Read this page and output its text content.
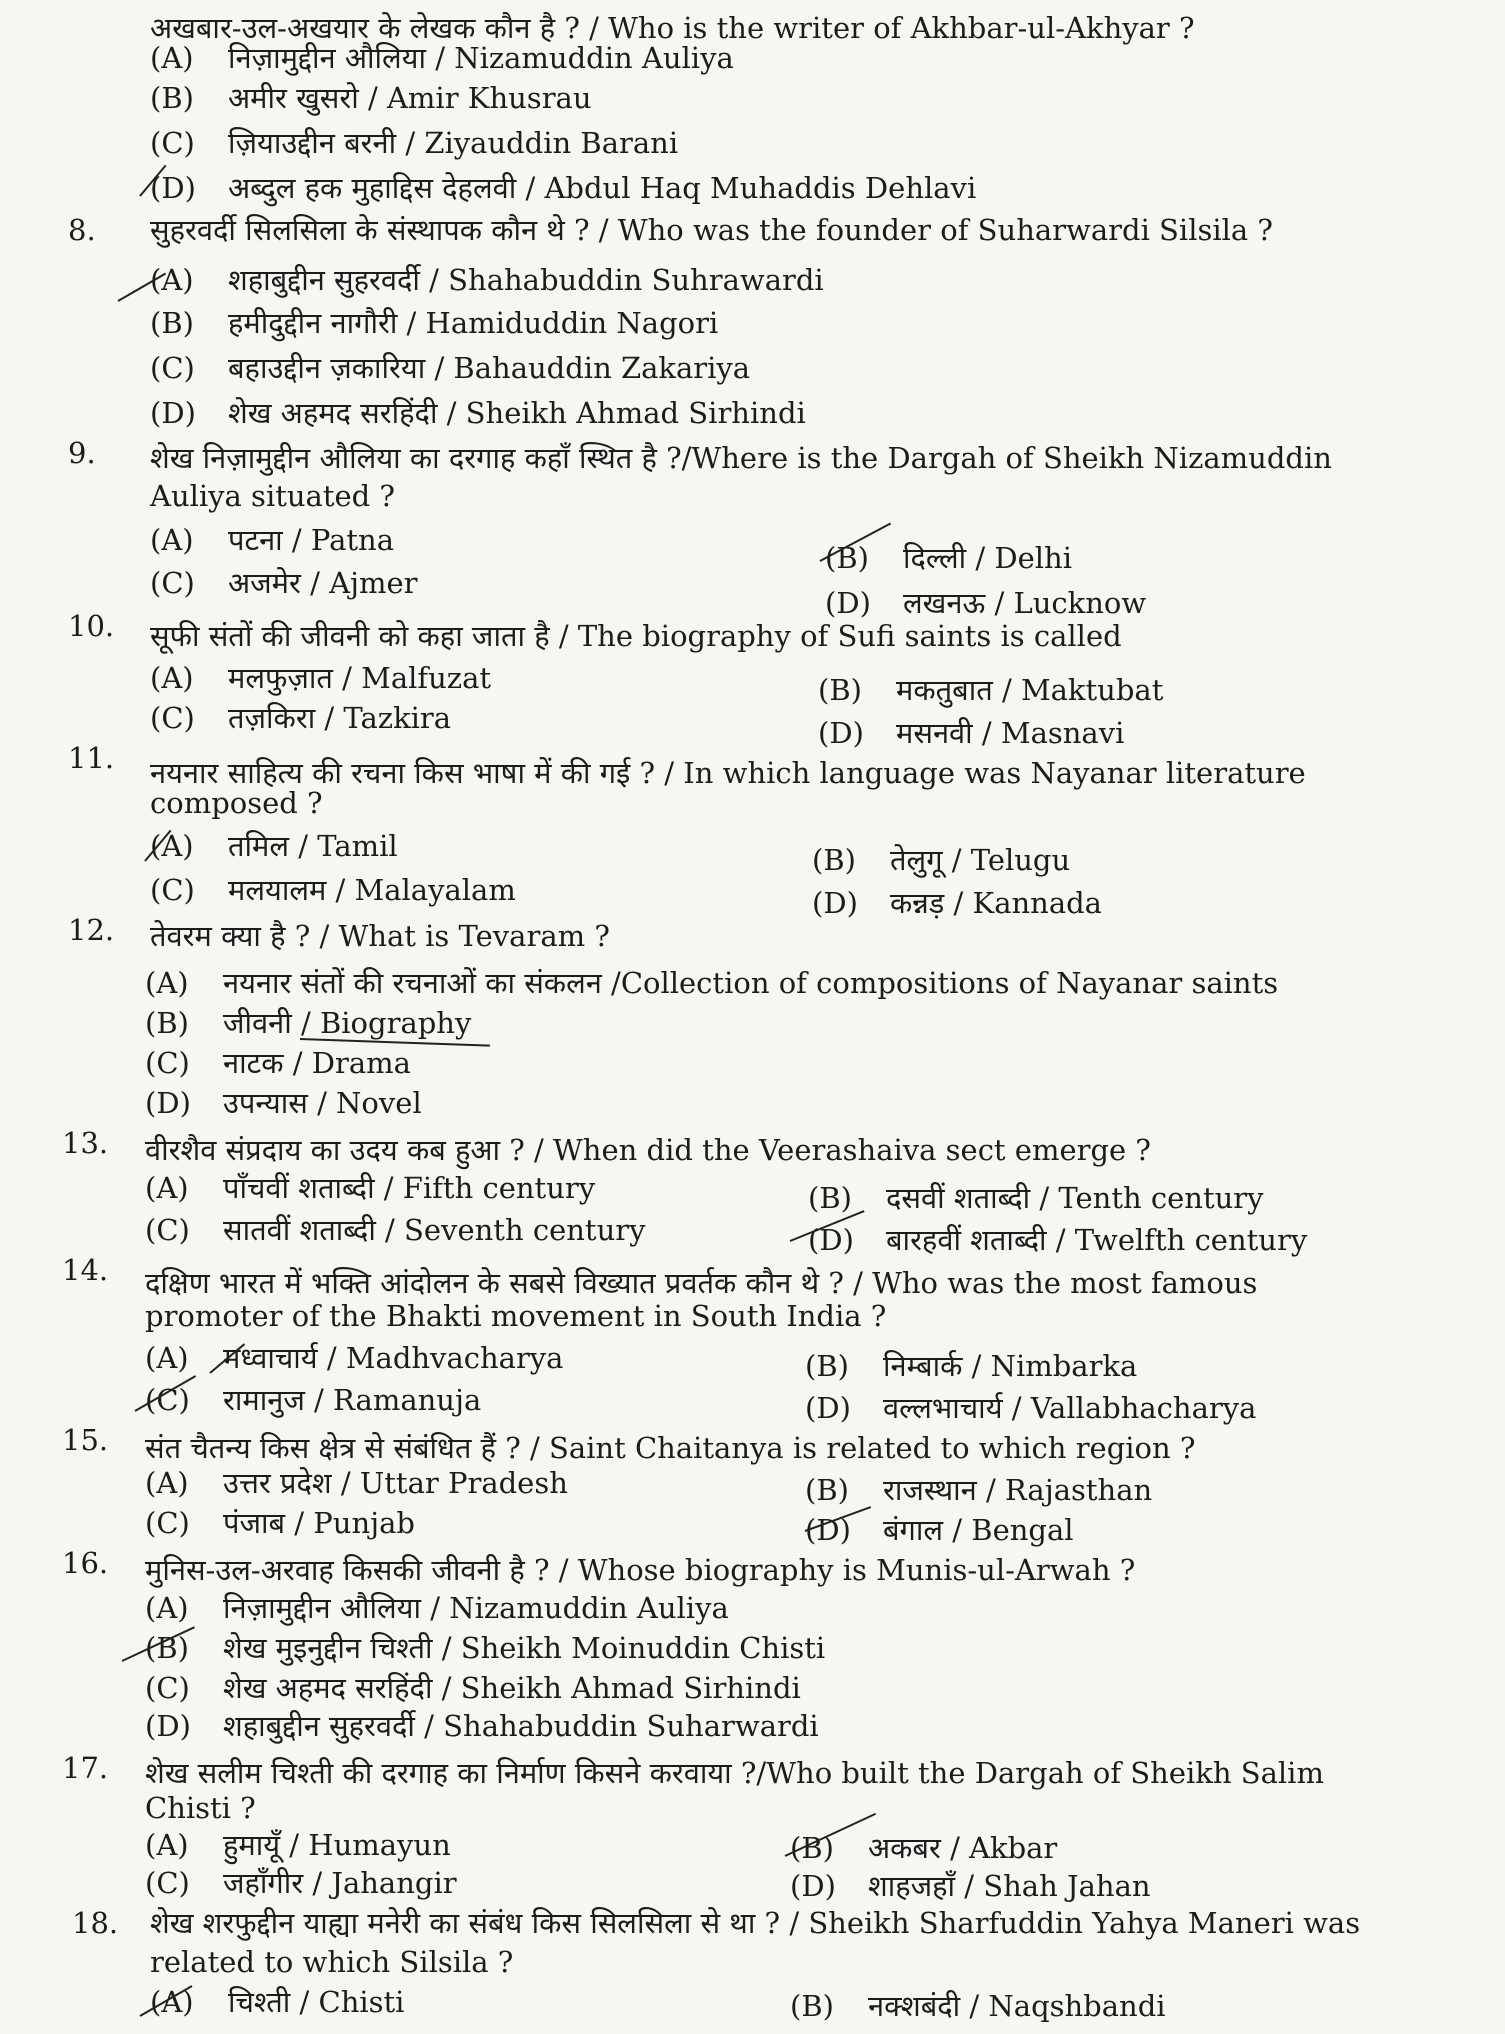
अखबार-उल-अखयार के लेखक कौन है ? / Who is the writer of Akhbar-ul-Akhyar ?
(A) निज़ामुद्दीन औलिया / Nizamuddin Auliya
(B) अमीर खुसरो / Amir Khusrau
(C) ज़ियाउद्दीन बरनी / Ziyauddin Barani
(D) अब्दुल हक मुहाद्दिस देहलवी / Abdul Haq Muhaddis Dehlavi
8. सुहरवर्दी सिलसिला के संस्थापक कौन थे ? / Who was the founder of Suharwardi Silsila ?
(A) शहाबुद्दीन सुहरवर्दी / Shahabuddin Suhrawardi
(B) हमीदुद्दीन नागौरी / Hamiduddin Nagori
(C) बहाउद्दीन ज़कारिया / Bahauddin Zakariya
(D) शेख अहमद सरहिंदी / Sheikh Ahmad Sirhindi
9. शेख निज़ामुद्दीन औलिया का दरगाह कहाँ स्थित है ?/Where is the Dargah of Sheikh Nizamuddin
Auliya situated ?
(A) पटना / Patna
(B) दिल्ली / Delhi
(C) अजमेर / Ajmer
(D) लखनऊ / Lucknow
10. सूफी संतों की जीवनी को कहा जाता है / The biography of Sufi saints is called
(A) मलफुज़ात / Malfuzat	(B) मकतुबात / Maktubat
(C) तज़किरा / Tazkira	(D) मसनवी / Masnavi
11. नयनार साहित्य की रचना किस भाषा में की गई ? / In which language was Nayanar literature
composed ?
(A) तमिल / Tamil	(B) तेलुगू / Telugu
(C) मलयालम / Malayalam	(D) कन्नड़ / Kannada
12. तेवरम क्या है ? / What is Tevaram ?
(A) नयनार संतों की रचनाओं का संकलन /Collection of compositions of Nayanar saints
(B) जीवनी / Biography
(C) नाटक / Drama
(D) उपन्यास / Novel
13. वीरशैव संप्रदाय का उदय कब हुआ ? / When did the Veerashaiva sect emerge ?
(A) पाँचवीं शताब्दी / Fifth century	(B) दसवीं शताब्दी / Tenth century
(C) सातवीं शताब्दी / Seventh century	(D) बारहवीं शताब्दी / Twelfth century
14. दक्षिण भारत में भक्ति आंदोलन के सबसे विख्यात प्रवर्तक कौन थे ? / Who was the most famous
promoter of the Bhakti movement in South India ?
(A) मध्वाचार्य / Madhvacharya	(B) निम्बार्क / Nimbarka
(C) रामानुज / Ramanuja	(D) वल्लभाचार्य / Vallabhacharya
15. संत चैतन्य किस क्षेत्र से संबंधित हैं ? / Saint Chaitanya is related to which region ?
(A) उत्तर प्रदेश / Uttar Pradesh	(B) राजस्थान / Rajasthan
(C) पंजाब / Punjab	(D) बंगाल / Bengal
16. मुनिस-उल-अरवाह किसकी जीवनी है ? / Whose biography is Munis-ul-Arwah ?
(A) निज़ामुद्दीन औलिया / Nizamuddin Auliya
(B) शेख मुइनुद्दीन चिश्ती / Sheikh Moinuddin Chisti
(C) शेख अहमद सरहिंदी / Sheikh Ahmad Sirhindi
(D) शहाबुद्दीन सुहरवर्दी / Shahabuddin Suharwardi
17. शेख सलीम चिश्ती की दरगाह का निर्माण किसने करवाया ?/Who built the Dargah of Sheikh Salim
Chisti ?
(A) हुमायूँ / Humayun	(B) अकबर / Akbar
(C) जहाँगीर / Jahangir	(D) शाहजहाँ / Shah Jahan
18. शेख शरफुद्दीन याह्या मनेरी का संबंध किस सिलसिला से था ? / Sheikh Sharfuddin Yahya Maneri was
related to which Silsila ?
(A) चिश्ती / Chisti	(B) नक्शबंदी / Naqshbandi
